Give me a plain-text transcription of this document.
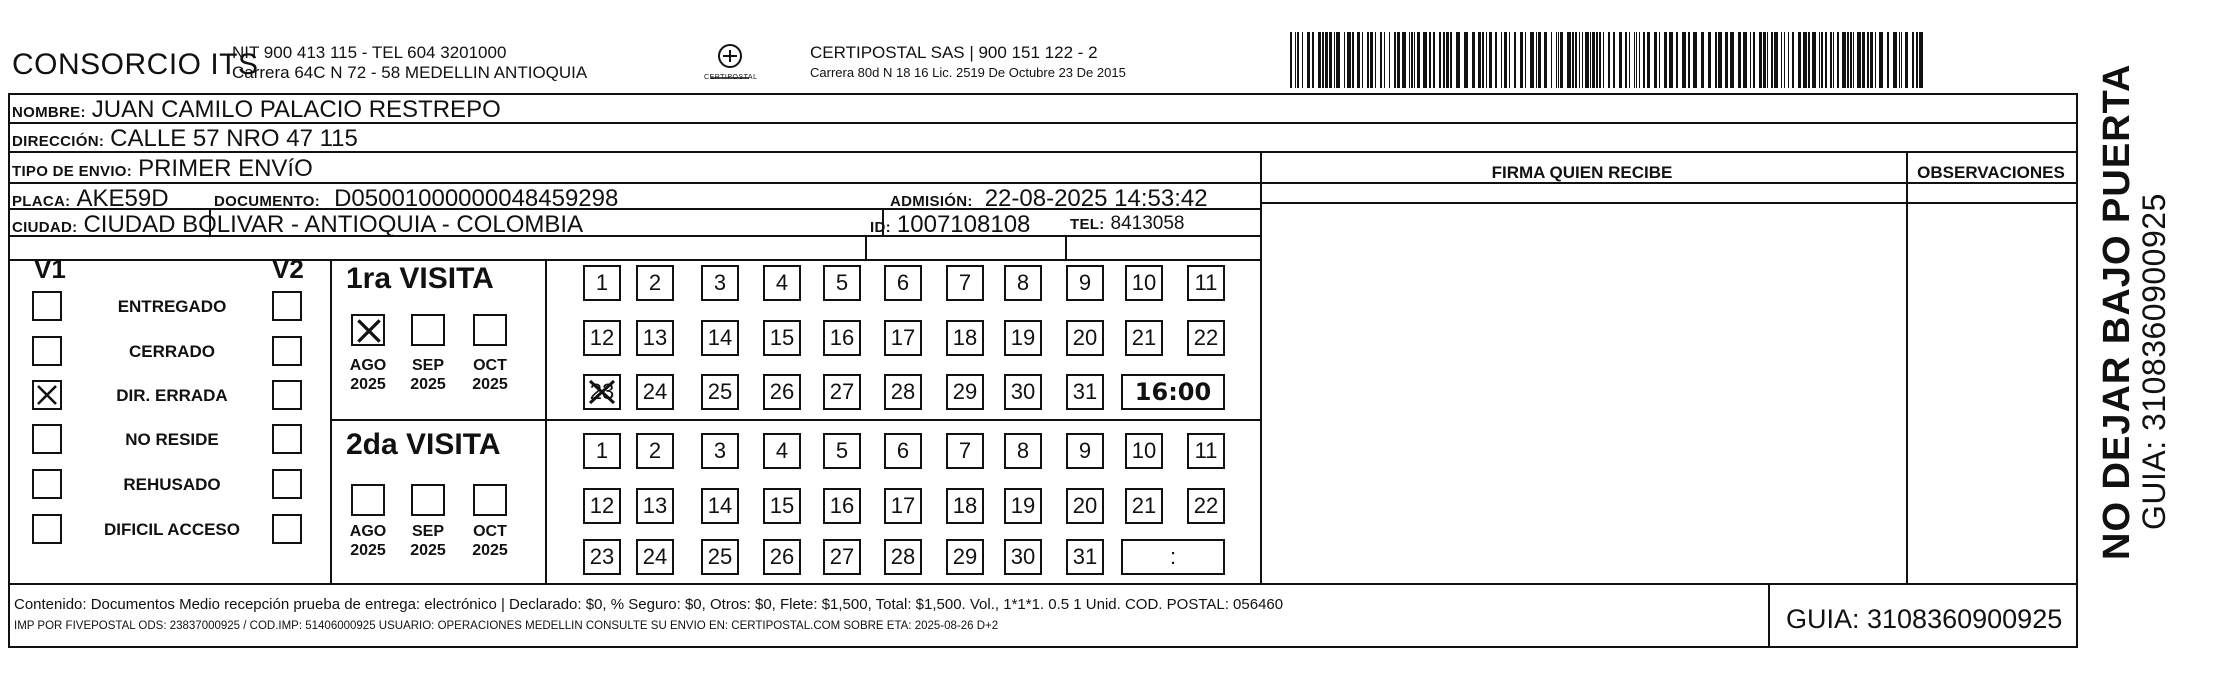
CONSORCIO ITS
NIT 900 413 115 - TEL 604 3201000
Carrera 64C N 72 - 58 MEDELLIN ANTIOQUIA	CERTIPOSTAL
CERTIPOSTAL SAS | 900 151 122 - 2
Carrera 80d N 18 16 Lic. 2519 De Octubre 23 De 2015
NOMBRE: JUAN CAMILO PALACIO RESTREPO
DIRECCIÓN: CALLE 57 NRO 47 115
TIPO DE ENVIO: PRIMER ENVíO	FIRMA QUIEN RECIBE	OBSERVACIONES
PLACA: AKE59D	DOCUMENTO: D05001000000048459298	ADMISIÓN: 22-08-2025 14:53:42
CIUDAD: CIUDAD BOLIVAR - ANTIOQUIA - COLOMBIA	ID: 1007108108	TEL: 8413058
V1	V2
ENTREGADO
CERRADO
DIR. ERRADA
NO RESIDE
REHUSADO
DIFICIL ACCESO
1ra VISITA
AGO
2025
SEP
2025
OCT
2025
1	2	3	4	5	6	7	8	9	10	11
12	13	14	15	16	17	18	19	20	21	22
23	24	25	26	27	28	29	30	31	16:00
2da VISITA
AGO
2025
SEP
2025
OCT
2025
1	2	3	4	5	6	7	8	9	10	11
12	13	14	15	16	17	18	19	20	21	22
23	24	25	26	27	28	29	30	31	:
Contenido: Documentos Medio recepción prueba de entrega: electrónico | Declarado: $0, % Seguro: $0, Otros: $0, Flete: $1,500, Total: $1,500. Vol., 1*1*1. 0.5 1 Unid. COD. POSTAL: 056460
IMP POR FIVEPOSTAL ODS: 23837000925 / COD.IMP: 51406000925 USUARIO: OPERACIONES MEDELLIN CONSULTE SU ENVIO EN: CERTIPOSTAL.COM SOBRE ETA: 2025-08-26 D+2	GUIA: 3108360900925
NO DEJAR BAJO PUERTA
GUIA: 3108360900925
